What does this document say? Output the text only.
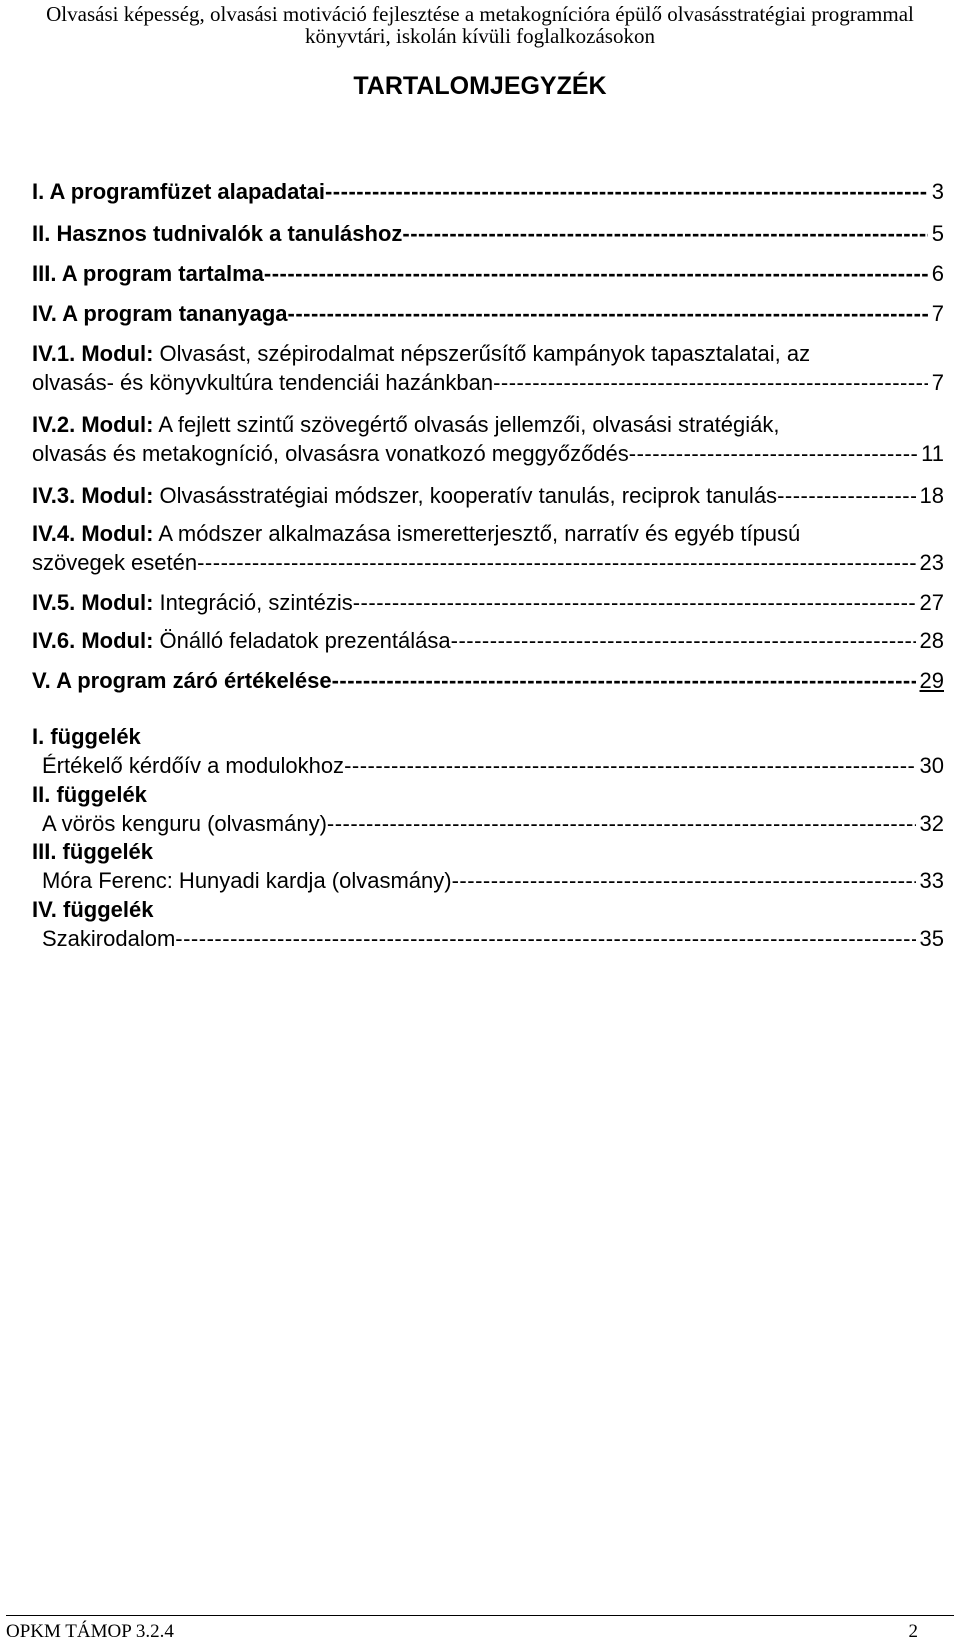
Olvasási képesség, olvasási motiváció fejlesztése a metakognícióra épülő olvasásstratégiai programmal
könyvtári, iskolán kívüli foglalkozásokon
TARTALOMJEGYZÉK
I. A programfüzet alapadatai -----	3
II. Hasznos tudnivalók a tanuláshoz -----	5
III. A program tartalma -----	6
IV. A program tananyaga -----	7
IV.1. Modul: Olvasást, szépirodalmat népszerűsítő kampányok tapasztalatai, az
olvasás- és könyvkultúra tendenciái hazánkban -----	7
IV.2. Modul: A fejlett szintű szövegértő olvasás jellemzői, olvasási stratégiák,
olvasás és metakogníció, olvasásra vonatkozó meggyőződés -----	11
IV.3. Modul: Olvasásstratégiai módszer, kooperatív tanulás, reciprok tanulás -----	18
IV.4. Modul: A módszer alkalmazása ismeretterjesztő, narratív és egyéb típusú
szövegek esetén -----	23
IV.5. Modul: Integráció, szintézis -----	27
IV.6. Modul: Önálló feladatok prezentálása -----	28
V. A program záró értékelése -----	29
I. függelék
Értékelő kérdőív a modulokhoz -----	30
II. függelék
A vörös kenguru (olvasmány) -----	32
III. függelék
Móra Ferenc: Hunyadi kardja (olvasmány) -----	33
IV. függelék
Szakirodalom -----	35
OPKM TÁMOP 3.2.4	2
